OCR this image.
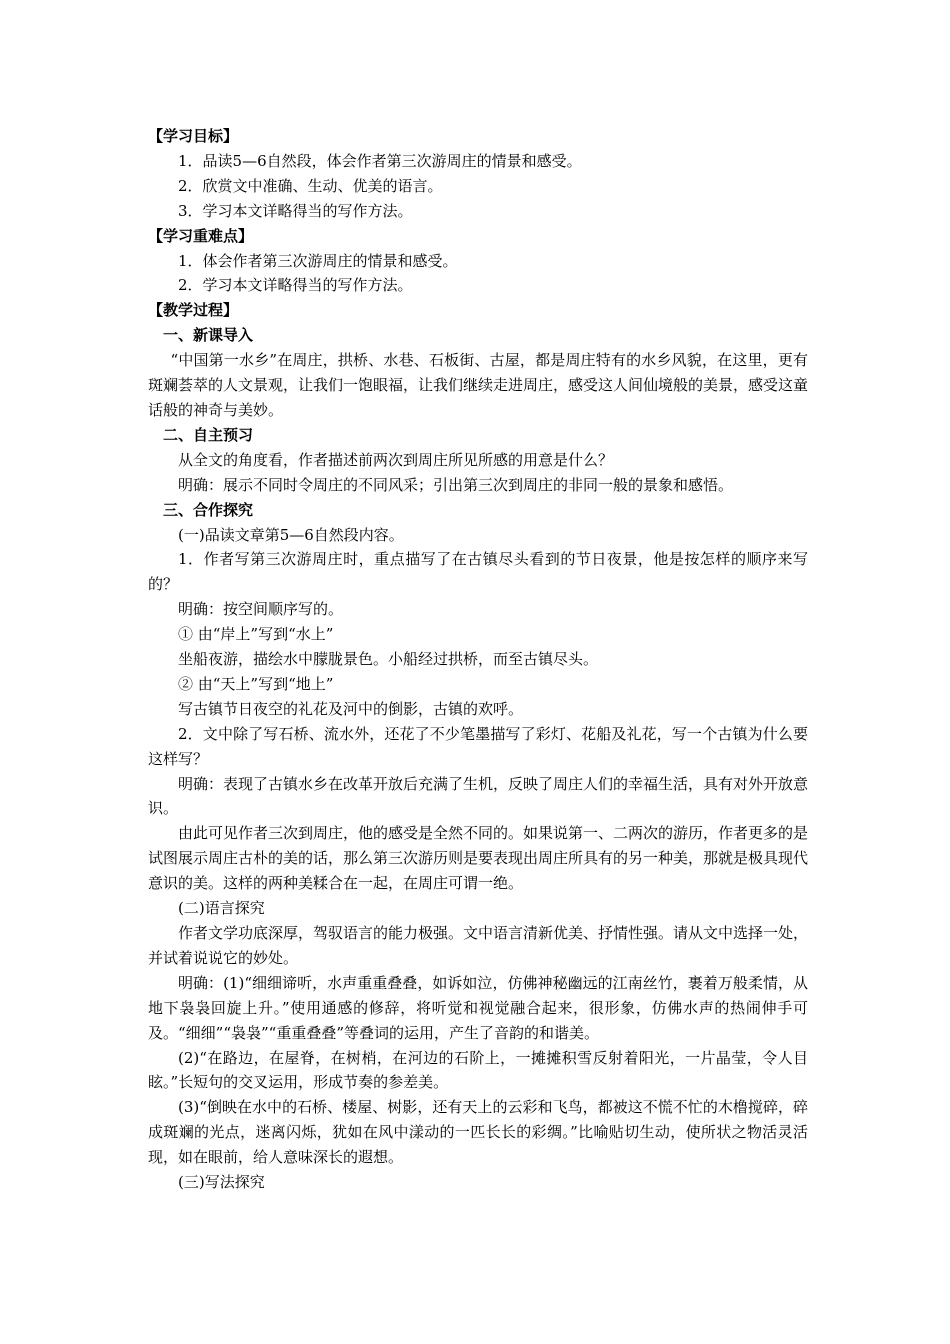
【学习目标】

1．品读5—6自然段，体会作者第三次游周庄的情景和感受。

2．欣赏文中准确、生动、优美的语言。

3．学习本文详略得当的写作方法。

【学习重难点】

1．体会作者第三次游周庄的情景和感受。

2．学习本文详略得当的写作方法。

【教学过程】

一、新课导入

“中国第一水乡”在周庄，拱桥、水巷、石板街、古屋，都是周庄特有的水乡风貌，在这里，更有斑斓荟萃的人文景观，让我们一饱眼福，让我们继续走进周庄，感受这人间仙境般的美景，感受这童话般的神奇与美妙。

二、自主预习

从全文的角度看，作者描述前两次到周庄所见所感的用意是什么？

明确：展示不同时令周庄的不同风采；引出第三次到周庄的非同一般的景象和感悟。

三、合作探究

(一)品读文章第5—6自然段内容。

1．作者写第三次游周庄时，重点描写了在古镇尽头看到的节日夜景，他是按怎样的顺序来写的？

明确：按空间顺序写的。

① 由“岸上”写到“水上”

坐船夜游，描绘水中朦胧景色。小船经过拱桥，而至古镇尽头。

② 由“天上”写到“地上”

写古镇节日夜空的礼花及河中的倒影，古镇的欢呼。

2．文中除了写石桥、流水外，还花了不少笔墨描写了彩灯、花船及礼花，写一个古镇为什么要这样写？

明确：表现了古镇水乡在改革开放后充满了生机，反映了周庄人们的幸福生活，具有对外开放意识。

由此可见作者三次到周庄，他的感受是全然不同的。如果说第一、二两次的游历，作者更多的是试图展示周庄古朴的美的话，那么第三次游历则是要表现出周庄所具有的另一种美，那就是极具现代意识的美。这样的两种美糅合在一起，在周庄可谓一绝。

(二)语言探究

作者文学功底深厚，驾驭语言的能力极强。文中语言清新优美、抒情性强。请从文中选择一处，并试着说说它的妙处。

明确：(1)“细细谛听，水声重重叠叠，如诉如泣，仿佛神秘幽远的江南丝竹，裹着万般柔情，从地下袅袅回旋上升。”使用通感的修辞，将听觉和视觉融合起来，很形象，仿佛水声的热闹伸手可及。“细细”“袅袅”“重重叠叠”等叠词的运用，产生了音韵的和谐美。

(2)“在路边，在屋脊，在树梢，在河边的石阶上，一摊摊积雪反射着阳光，一片晶莹，令人目眩。”长短句的交叉运用，形成节奏的参差美。

(3)“倒映在水中的石桥、楼屋、树影，还有天上的云彩和飞鸟，都被这不慌不忙的木橹搅碎，碎成斑斓的光点，迷离闪烁，犹如在风中漾动的一匹长长的彩绸。”比喻贴切生动，使所状之物活灵活现，如在眼前，给人意味深长的遐想。

(三)写法探究
